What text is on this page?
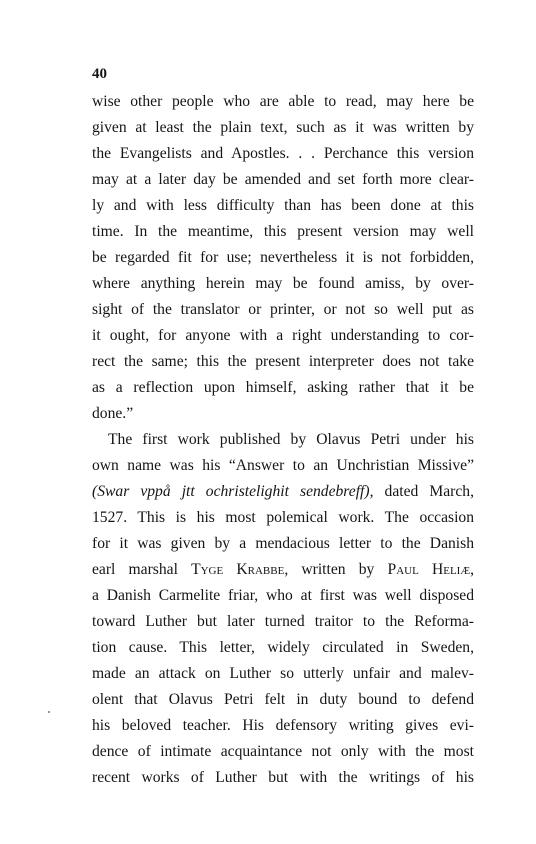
40
wise other people who are able to read, may here be
given at least the plain text, such as it was written by
the Evangelists and Apostles. . . Perchance this version
may at a later day be amended and set forth more clear-
ly and with less difficulty than has been done at this
time. In the meantime, this present version may well
be regarded fit for use; nevertheless it is not forbidden,
where anything herein may be found amiss, by over-
sight of the translator or printer, or not so well put as
it ought, for anyone with a right understanding to cor-
rect the same; this the present interpreter does not take
as a reflection upon himself, asking rather that it be
done.”
The first work published by Olavus Petri under his
own name was his “Answer to an Unchristian Missive”
(Swar vppå jtt ochristelighit sendebreff), dated March,
1527. This is his most polemical work. The occasion
for it was given by a mendacious letter to the Danish
earl marshal Tyge Krabbe, written by Paul Heliæ,
a Danish Carmelite friar, who at first was well disposed
toward Luther but later turned traitor to the Reforma-
tion cause. This letter, widely circulated in Sweden,
made an attack on Luther so utterly unfair and malev-
olent that Olavus Petri felt in duty bound to defend
his beloved teacher. His defensory writing gives evi-
dence of intimate acquaintance not only with the most
recent works of Luther but with the writings of his
